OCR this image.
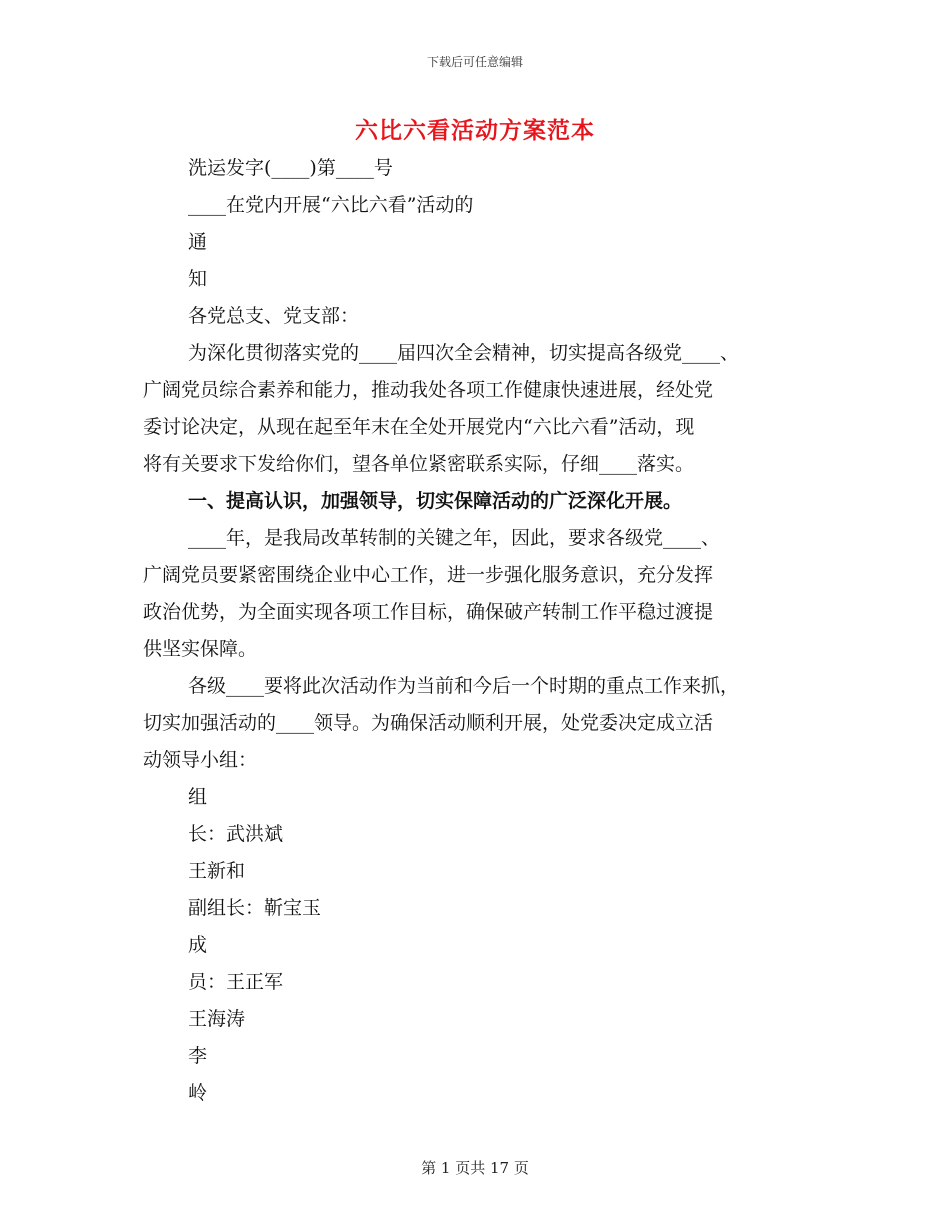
下载后可任意编辑
六比六看活动方案范本
洗运发字(____)第____号
____在党内开展“六比六看”活动的
通
知
各党总支、党支部：
为深化贯彻落实党的____届四次全会精神，切实提高各级党____、
广阔党员综合素养和能力，推动我处各项工作健康快速进展，经处党
委讨论决定，从现在起至年末在全处开展党内“六比六看”活动，现
将有关要求下发给你们，望各单位紧密联系实际，仔细____落实。
一、提高认识，加强领导，切实保障活动的广泛深化开展。
____年，是我局改革转制的关键之年，因此，要求各级党____、
广阔党员要紧密围绕企业中心工作，进一步强化服务意识，充分发挥
政治优势，为全面实现各项工作目标，确保破产转制工作平稳过渡提
供坚实保障。
各级____要将此次活动作为当前和今后一个时期的重点工作来抓，
切实加强活动的____领导。为确保活动顺利开展，处党委决定成立活
动领导小组：
组
长：武洪斌
王新和
副组长：靳宝玉
成
员：王正军
王海涛
李
岭
第 1 页共 17 页
